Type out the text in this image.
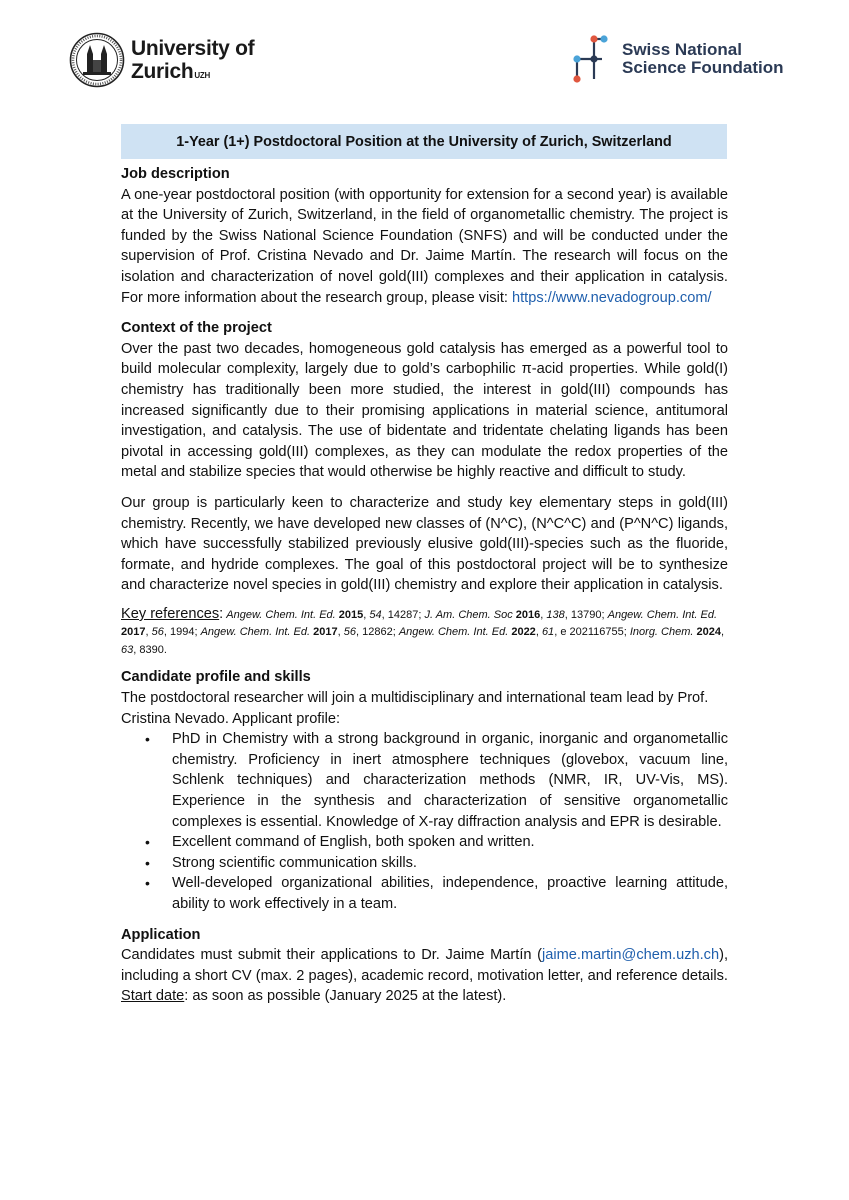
University of
Zurich$^{UZH}$
Swiss National
Science Foundation
1-Year (1+) Postdoctoral Position at the University of Zurich, Switzerland

Job description

A one-year postdoctoral position (with opportunity for extension for a second year) is available at the University of Zurich, Switzerland, in the field of organometallic chemistry. The project is funded by the Swiss National Science Foundation (SNFS) and will be conducted under the supervision of Prof. Cristina Nevado and Dr. Jaime Martín. The research will focus on the isolation and characterization of novel gold(III) complexes and their application in catalysis. For more information about the research group, please visit: https://www.nevadogroup.com/

Context of the project

Over the past two decades, homogeneous gold catalysis has emerged as a powerful tool to build molecular complexity, largely due to gold’s carbophilic π-acid properties. While gold(I) chemistry has traditionally been more studied, the interest in gold(III) compounds has increased significantly due to their promising applications in material science, antitumoral investigation, and catalysis. The use of bidentate and tridentate chelating ligands has been pivotal in accessing gold(III) complexes, as they can modulate the redox properties of the metal and stabilize species that would otherwise be highly reactive and difficult to study.

Our group is particularly keen to characterize and study key elementary steps in gold(III) chemistry. Recently, we have developed new classes of (N^C), (N^C^C) and (P^N^C) ligands, which have successfully stabilized previously elusive gold(III)-species such as the fluoride, formate, and hydride complexes. The goal of this postdoctoral project will be to synthesize and characterize novel species in gold(III) chemistry and explore their application in catalysis.

Key references: Angew. Chem. Int. Ed. 2015, 54, 14287; J. Am. Chem. Soc 2016, 138, 13790; Angew. Chem. Int. Ed. 2017, 56, 1994; Angew. Chem. Int. Ed. 2017, 56, 12862; Angew. Chem. Int. Ed. 2022, 61, e 202116755; Inorg. Chem. 2024, 63, 8390.

Candidate profile and skills

The postdoctoral researcher will join a multidisciplinary and international team lead by Prof. Cristina Nevado. Applicant profile:

• PhD in Chemistry with a strong background in organic, inorganic and organometallic chemistry. Proficiency in inert atmosphere techniques (glovebox, vacuum line, Schlenk techniques) and characterization methods (NMR, IR, UV-Vis, MS). Experience in the synthesis and characterization of sensitive organometallic complexes is essential. Knowledge of X-ray diffraction analysis and EPR is desirable.
• Excellent command of English, both spoken and written.
• Strong scientific communication skills.
• Well-developed organizational abilities, independence, proactive learning attitude, ability to work effectively in a team.

Application

Candidates must submit their applications to Dr. Jaime Martín (jaime.martin@chem.uzh.ch), including a short CV (max. 2 pages), academic record, motivation letter, and reference details. Start date: as soon as possible (January 2025 at the latest).
